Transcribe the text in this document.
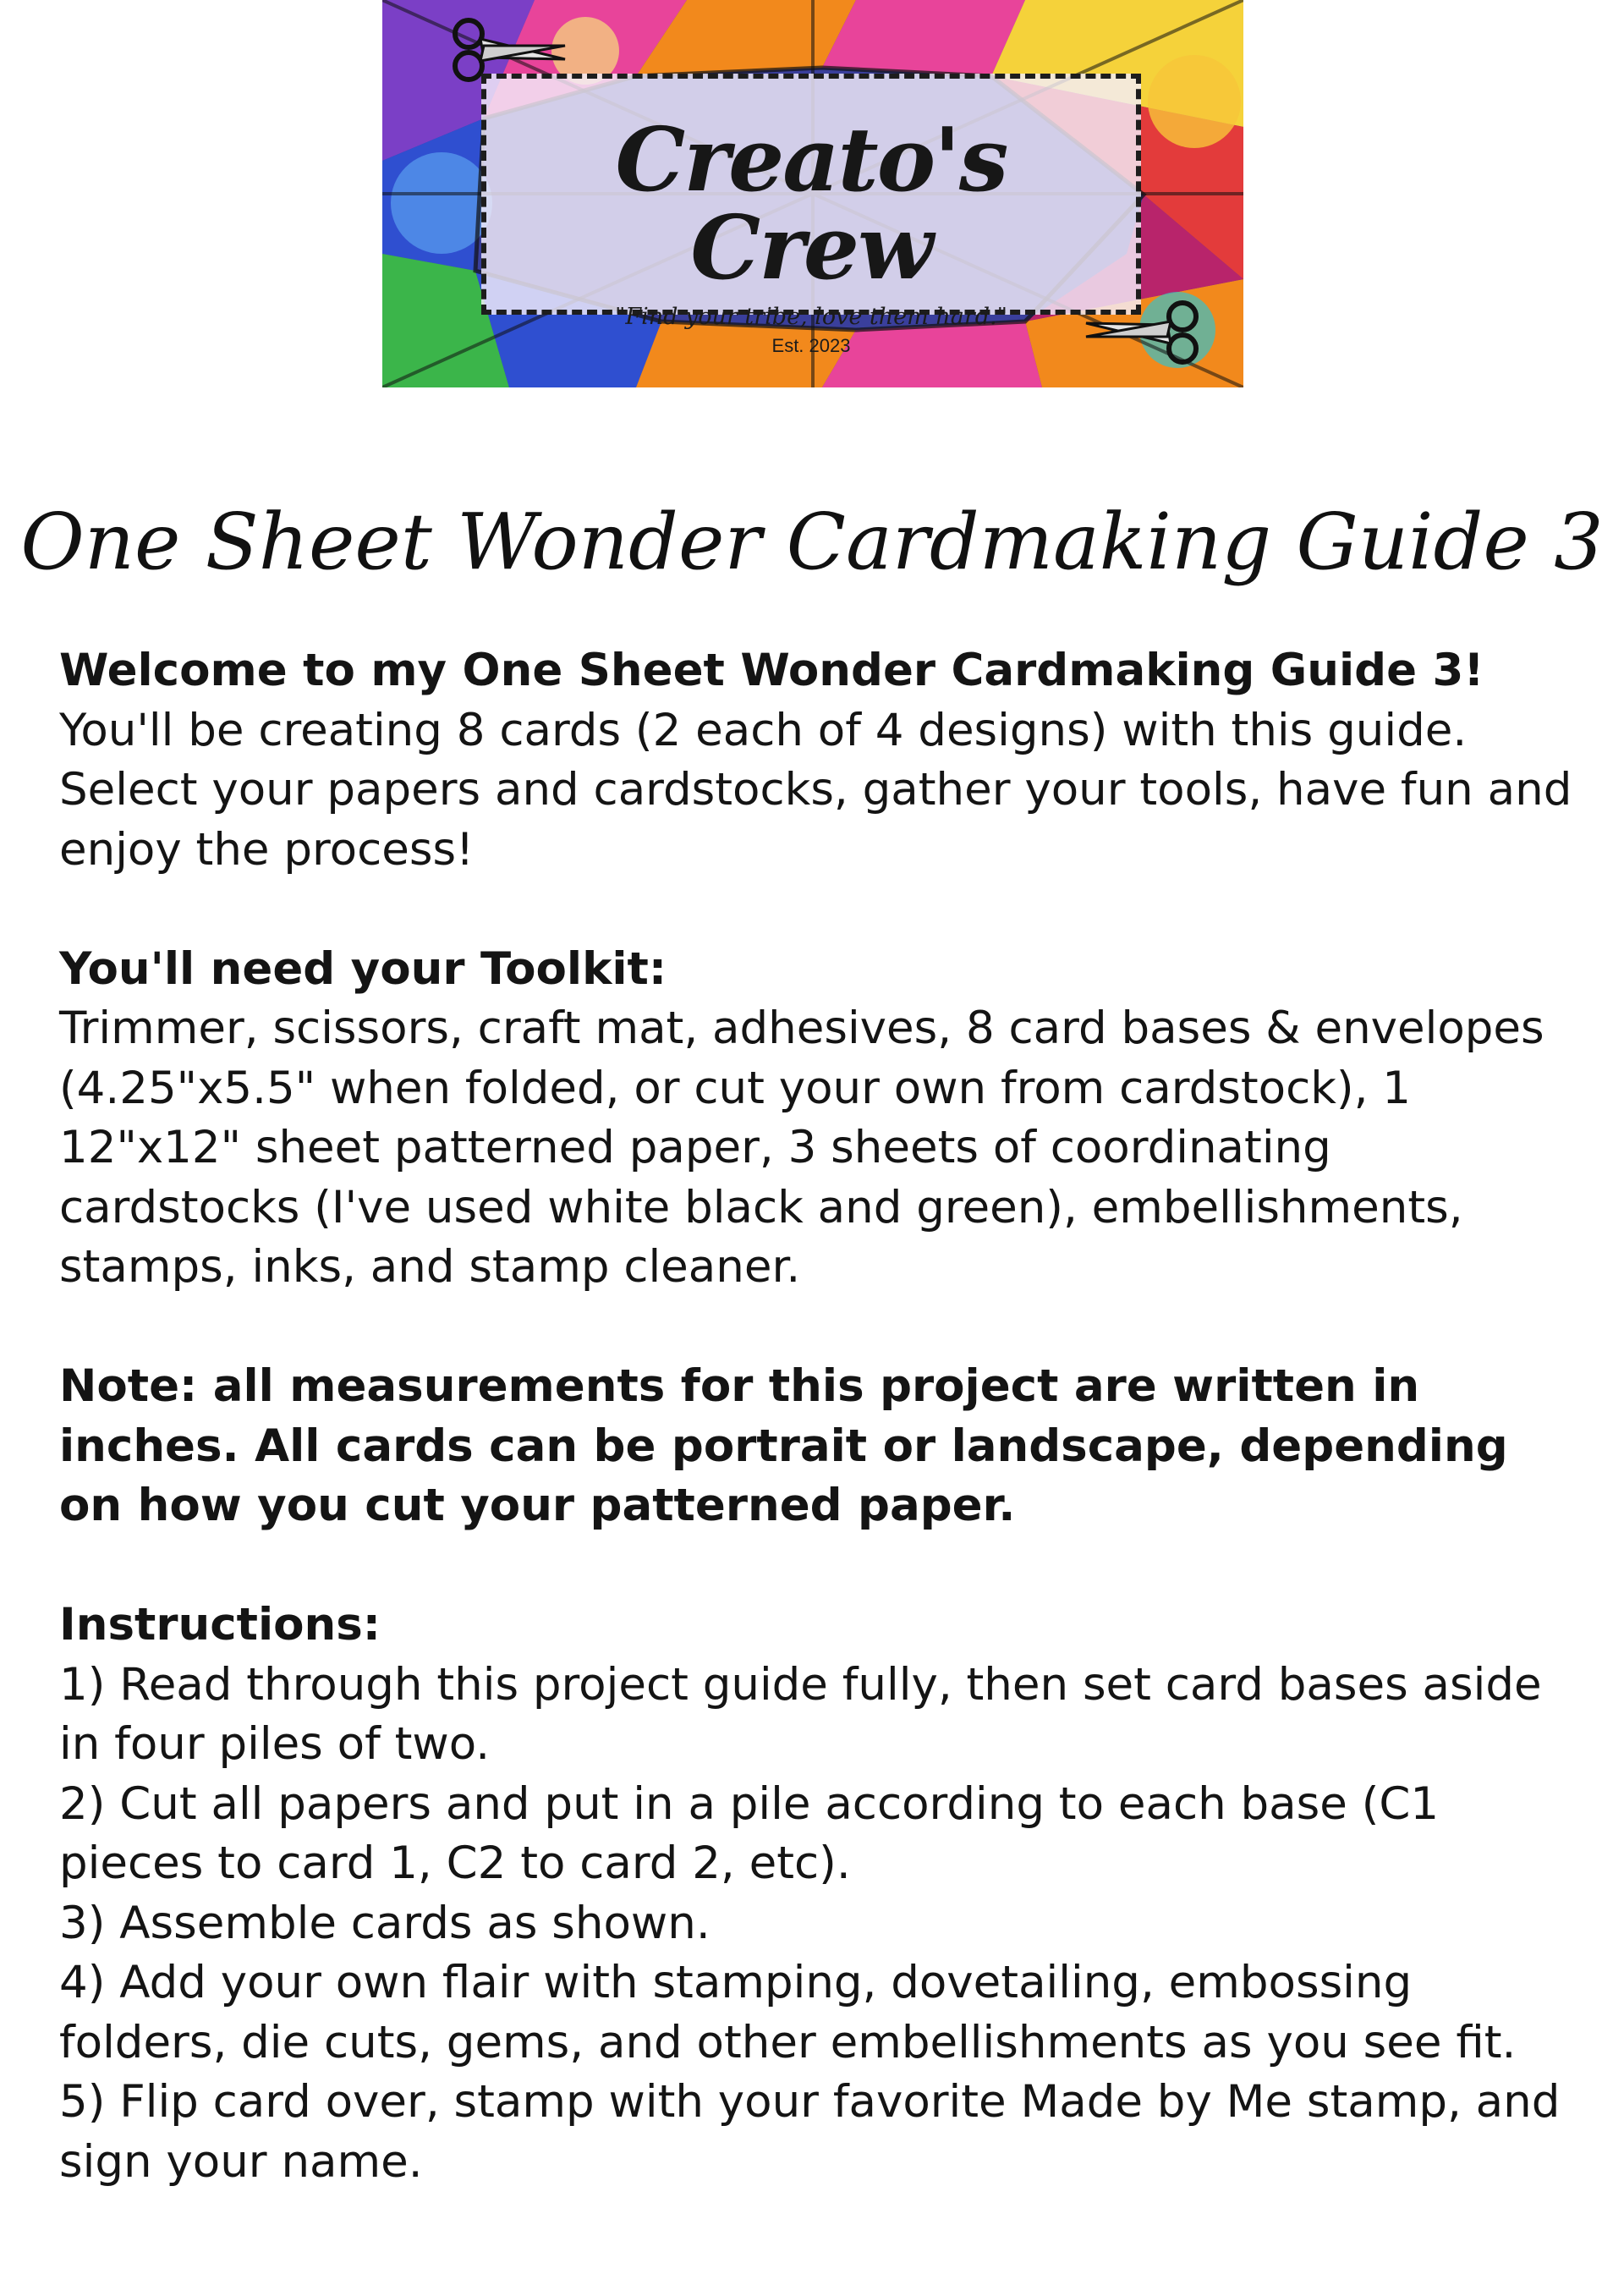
Creato's Crew
"Find your tribe, love them hard."
Est. 2023
One Sheet Wonder Cardmaking Guide 3

Welcome to my One Sheet Wonder Cardmaking Guide 3!

You'll be creating 8 cards (2 each of 4 designs) with this guide. Select your papers and cardstocks, gather your tools, have fun and enjoy the process!

You'll need your Toolkit:

Trimmer, scissors, craft mat, adhesives, 8 card bases & envelopes (4.25"x5.5" when folded, or cut your own from cardstock), 1 12"x12" sheet patterned paper, 3 sheets of coordinating cardstocks (I've used white black and green), embellishments, stamps, inks, and stamp cleaner.

Note: all measurements for this project are written in inches. All cards can be portrait or landscape, depending on how you cut your patterned paper.

Instructions:

1) Read through this project guide fully, then set card bases aside in four piles of two.

2) Cut all papers and put in a pile according to each base (C1 pieces to card 1, C2 to card 2, etc).

3) Assemble cards as shown.

4) Add your own flair with stamping, dovetailing, embossing folders, die cuts, gems, and other embellishments as you see fit.

5) Flip card over, stamp with your favorite Made by Me stamp, and sign your name.
